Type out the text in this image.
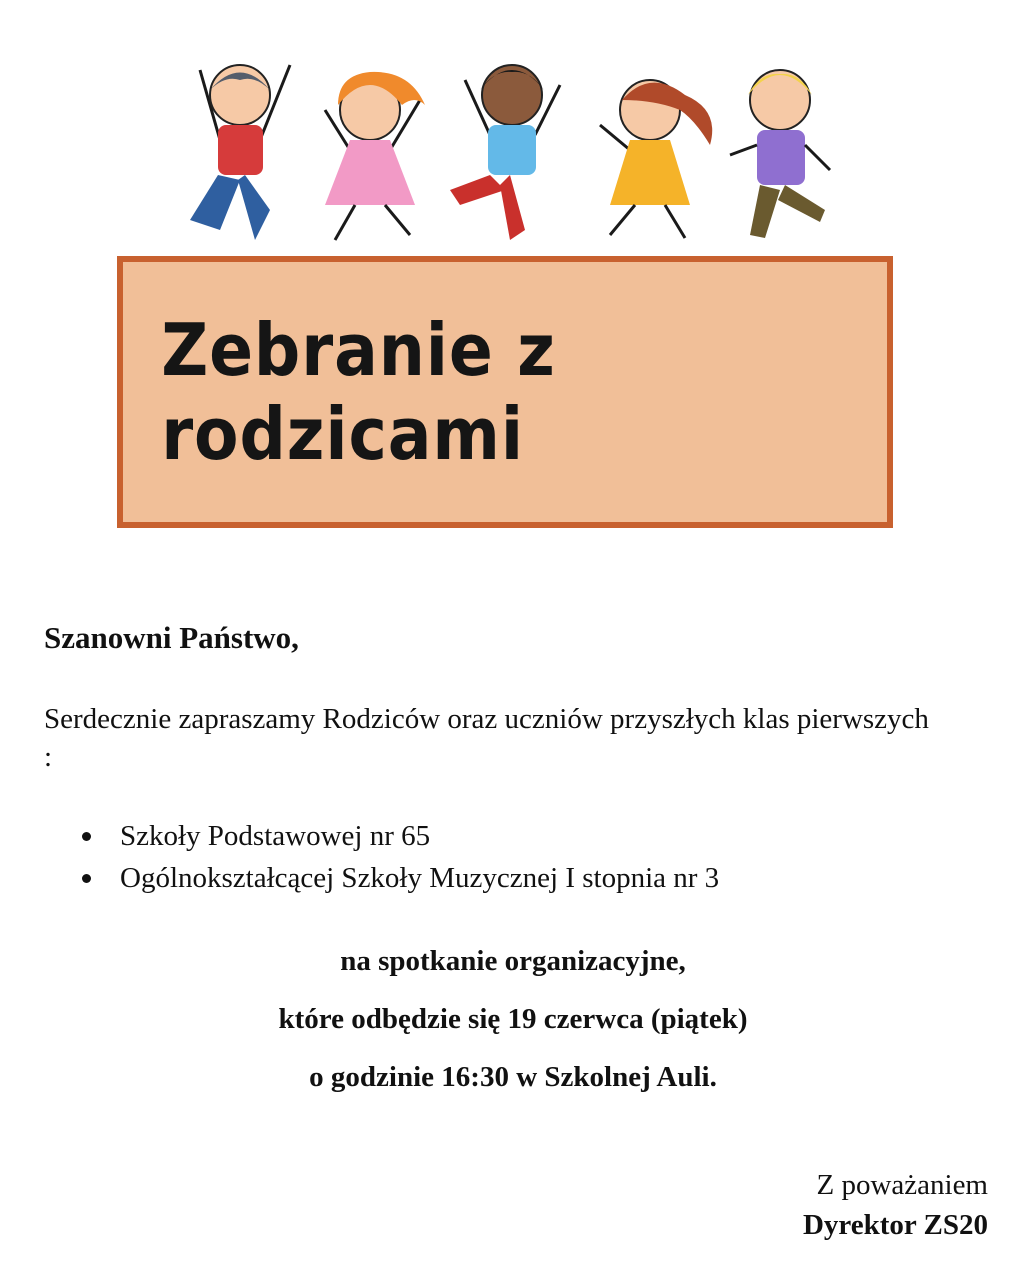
Zebranie z rodzicami
Szanowni Państwo,
Serdecznie zapraszamy Rodziców oraz uczniów przyszłych klas pierwszych :
Szkoły Podstawowej nr 65
Ogólnokształcącej Szkoły Muzycznej I stopnia nr 3
na spotkanie organizacyjne,
które odbędzie się 19 czerwca (piątek)
o godzinie 16:30 w Szkolnej Auli.
Z poważaniem
Dyrektor ZS20
